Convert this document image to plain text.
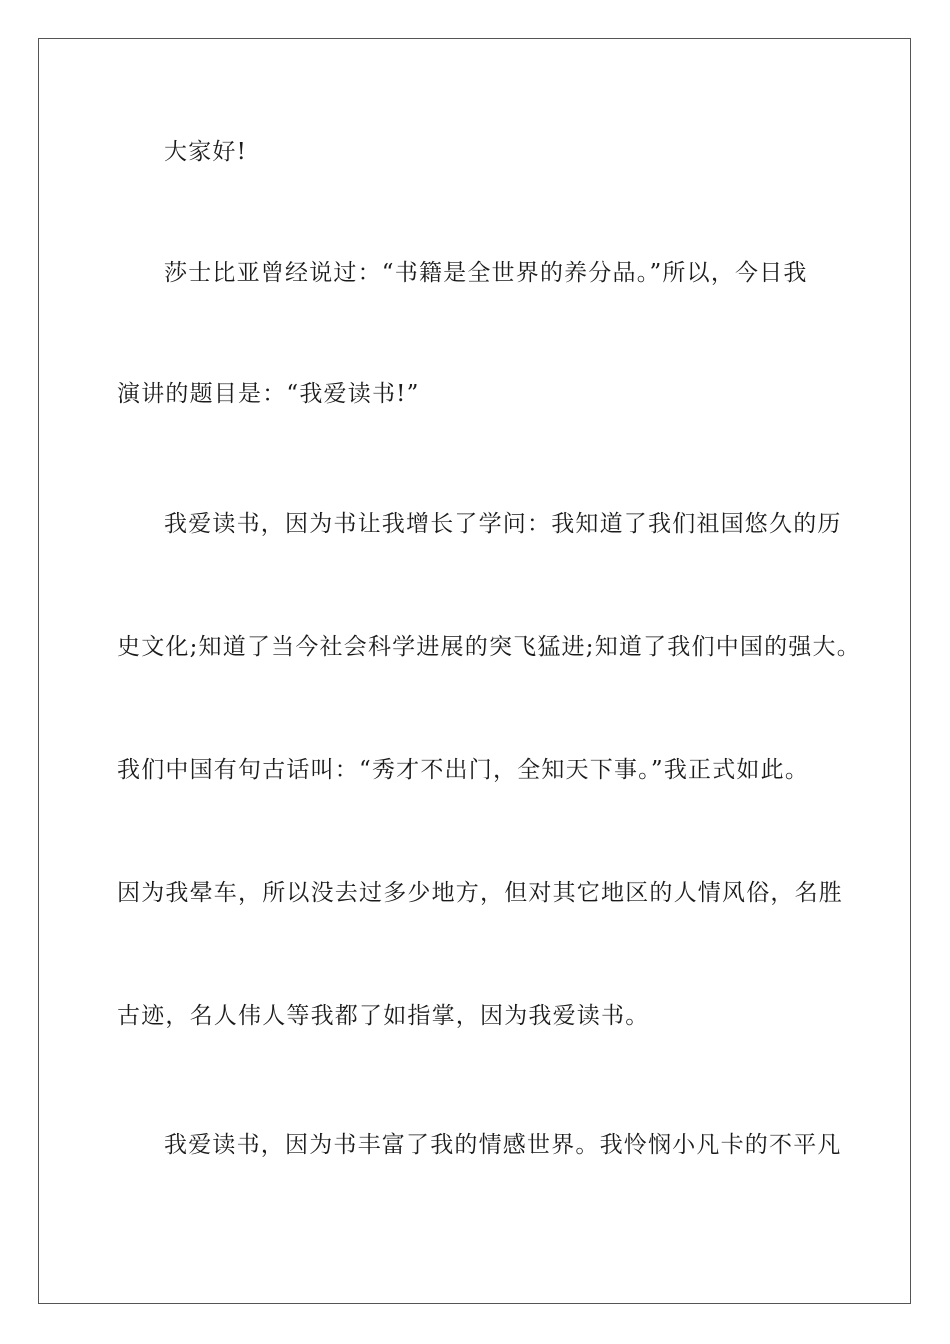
大家好!
莎士比亚曾经说过：“书籍是全世界的养分品。”所以，今日我
演讲的题目是：“我爱读书!”
我爱读书，因为书让我增长了学问：我知道了我们祖国悠久的历
史文化;知道了当今社会科学进展的突飞猛进;知道了我们中国的强大。
我们中国有句古话叫：“秀才不出门，全知天下事。”我正式如此。
因为我晕车，所以没去过多少地方，但对其它地区的人情风俗，名胜
古迹，名人伟人等我都了如指掌，因为我爱读书。
我爱读书，因为书丰富了我的情感世界。我怜悯小凡卡的不平凡
